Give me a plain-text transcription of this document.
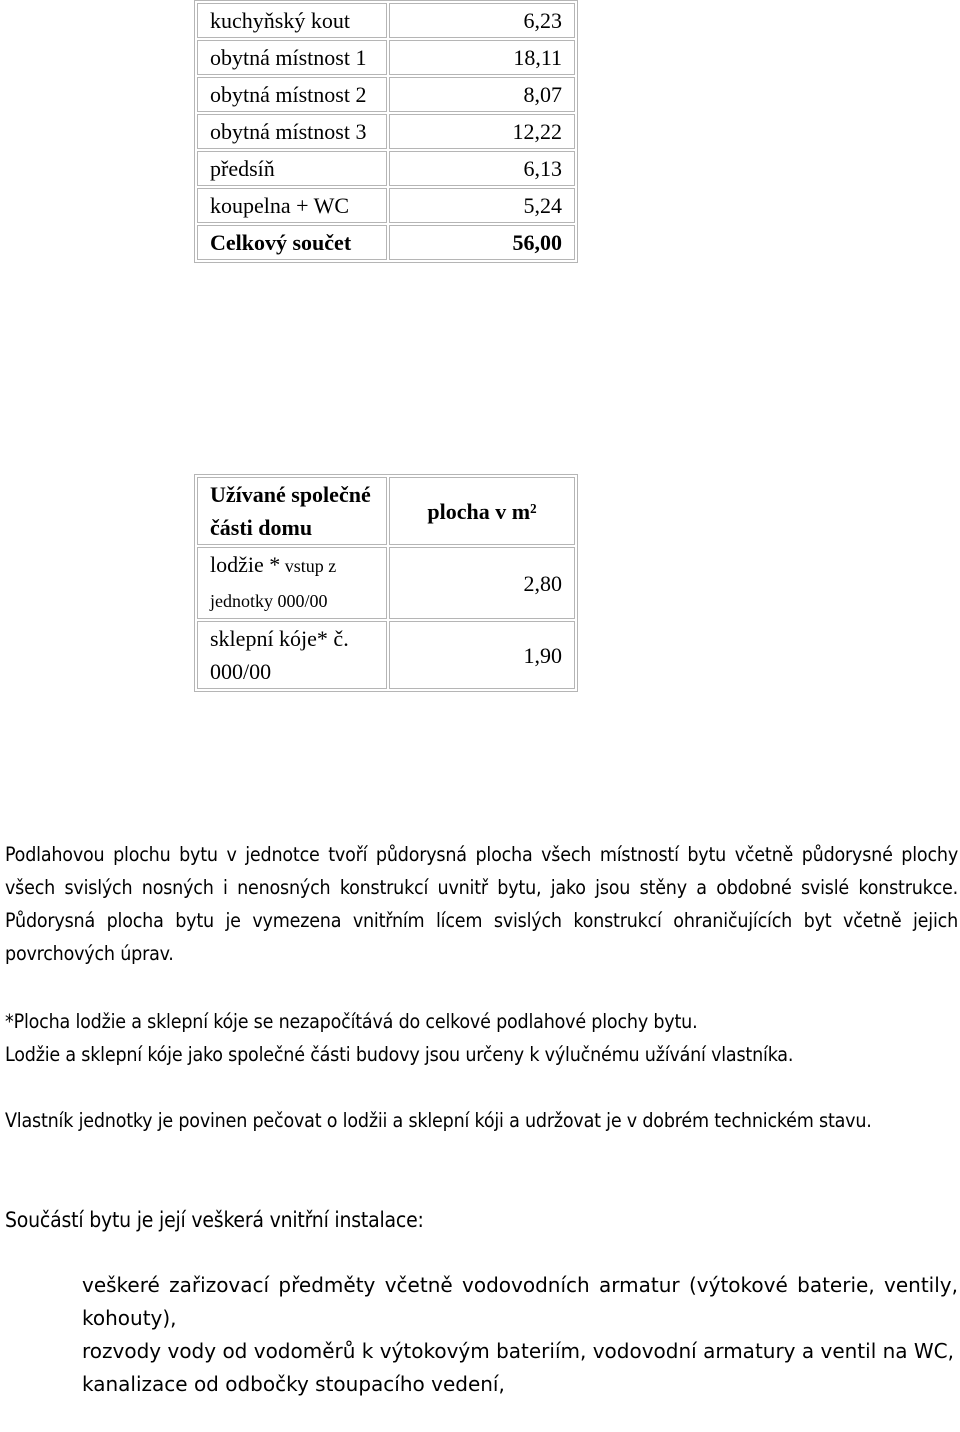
kuchyňský kout	6,23
obytná místnost 1	18,11
obytná místnost 2	8,07
obytná místnost 3	12,22
předsíň	6,13
koupelna + WC	5,24
Celkový součet	56,00
Užívané společné části domu	plocha v m²
lodžie * vstup z jednotky 000/00	2,80
sklepní kóje* č. 000/00	1,90

Podlahovou plochu bytu v jednotce tvoří půdorysná plocha všech místností bytu včetně půdorysné plochy všech svislých nosných i nenosných konstrukcí uvnitř bytu, jako jsou stěny a obdobné svislé konstrukce. Půdorysná plocha bytu je vymezena vnitřním lícem svislých konstrukcí ohraničujících byt včetně jejich povrchových úprav.

*Plocha lodžie a sklepní kóje se nezapočítává do celkové podlahové plochy bytu.

Lodžie a sklepní kóje jako společné části budovy jsou určeny k výlučnému užívání vlastníka.

Vlastník jednotky je povinen pečovat o lodžii a sklepní kóji a udržovat je v dobrém technickém stavu.

Součástí bytu je její veškerá vnitřní instalace:

veškeré zařizovací předměty včetně vodovodních armatur (výtokové baterie, ventily, kohouty),
rozvody vody od vodoměrů k výtokovým bateriím, vodovodní armatury a ventil na WC,
kanalizace od odbočky stoupacího vedení,
